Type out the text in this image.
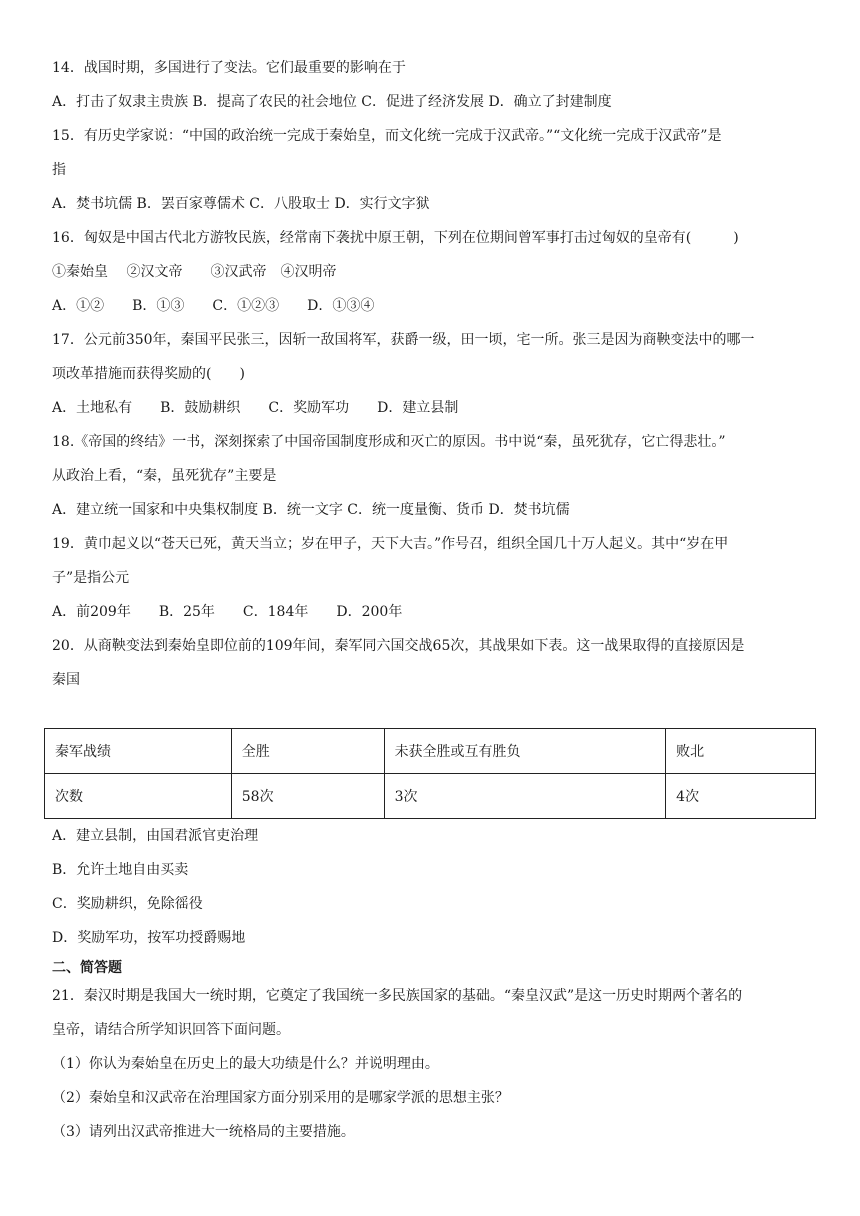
14．战国时期，多国进行了变法。它们最重要的影响在于
A．打击了奴隶主贵族 B．提高了农民的社会地位 C．促进了经济发展 D．确立了封建制度
15．有历史学家说：“中国的政治统一完成于秦始皇，而文化统一完成于汉武帝。”“文化统一完成于汉武帝”是
指
A．焚书坑儒 B．罢百家尊儒术 C．八股取士 D．实行文字狱
16．匈奴是中国古代北方游牧民族，经常南下袭扰中原王朝，下列在位期间曾军事打击过匈奴的皇帝有(　　　)
①秦始皇　 ②汉文帝　　③汉武帝　④汉明帝
A．①②　　B．①③　　C．①②③　　D．①③④
17．公元前350年，秦国平民张三，因斩一敌国将军，获爵一级，田一顷，宅一所。张三是因为商鞅变法中的哪一
项改革措施而获得奖励的(　　)
A．土地私有　　B．鼓励耕织　　C．奖励军功　　D．建立县制
18.《帝国的终结》一书，深刻探索了中国帝国制度形成和灭亡的原因。书中说“秦，虽死犹存，它亡得悲壮。”
从政治上看，“秦，虽死犹存”主要是
A．建立统一国家和中央集权制度 B．统一文字 C．统一度量衡、货币 D．焚书坑儒
19．黄巾起义以“苍天已死，黄天当立；岁在甲子，天下大吉。”作号召，组织全国几十万人起义。其中“岁在甲
子”是指公元
A．前209年　　B．25年　　C．184年　　D．200年
20．从商鞅变法到秦始皇即位前的109年间，秦军同六国交战65次，其战果如下表。这一战果取得的直接原因是
秦国
秦军战绩	全胜	未获全胜或互有胜负	败北
次数	58次	3次	4次
A．建立县制，由国君派官吏治理
B．允许土地自由买卖
C．奖励耕织，免除徭役
D．奖励军功，按军功授爵赐地
二、简答题
21．秦汉时期是我国大一统时期，它奠定了我国统一多民族国家的基础。“秦皇汉武”是这一历史时期两个著名的
皇帝，请结合所学知识回答下面问题。
（1）你认为秦始皇在历史上的最大功绩是什么？并说明理由。
（2）秦始皇和汉武帝在治理国家方面分别采用的是哪家学派的思想主张？
（3）请列出汉武帝推进大一统格局的主要措施。
